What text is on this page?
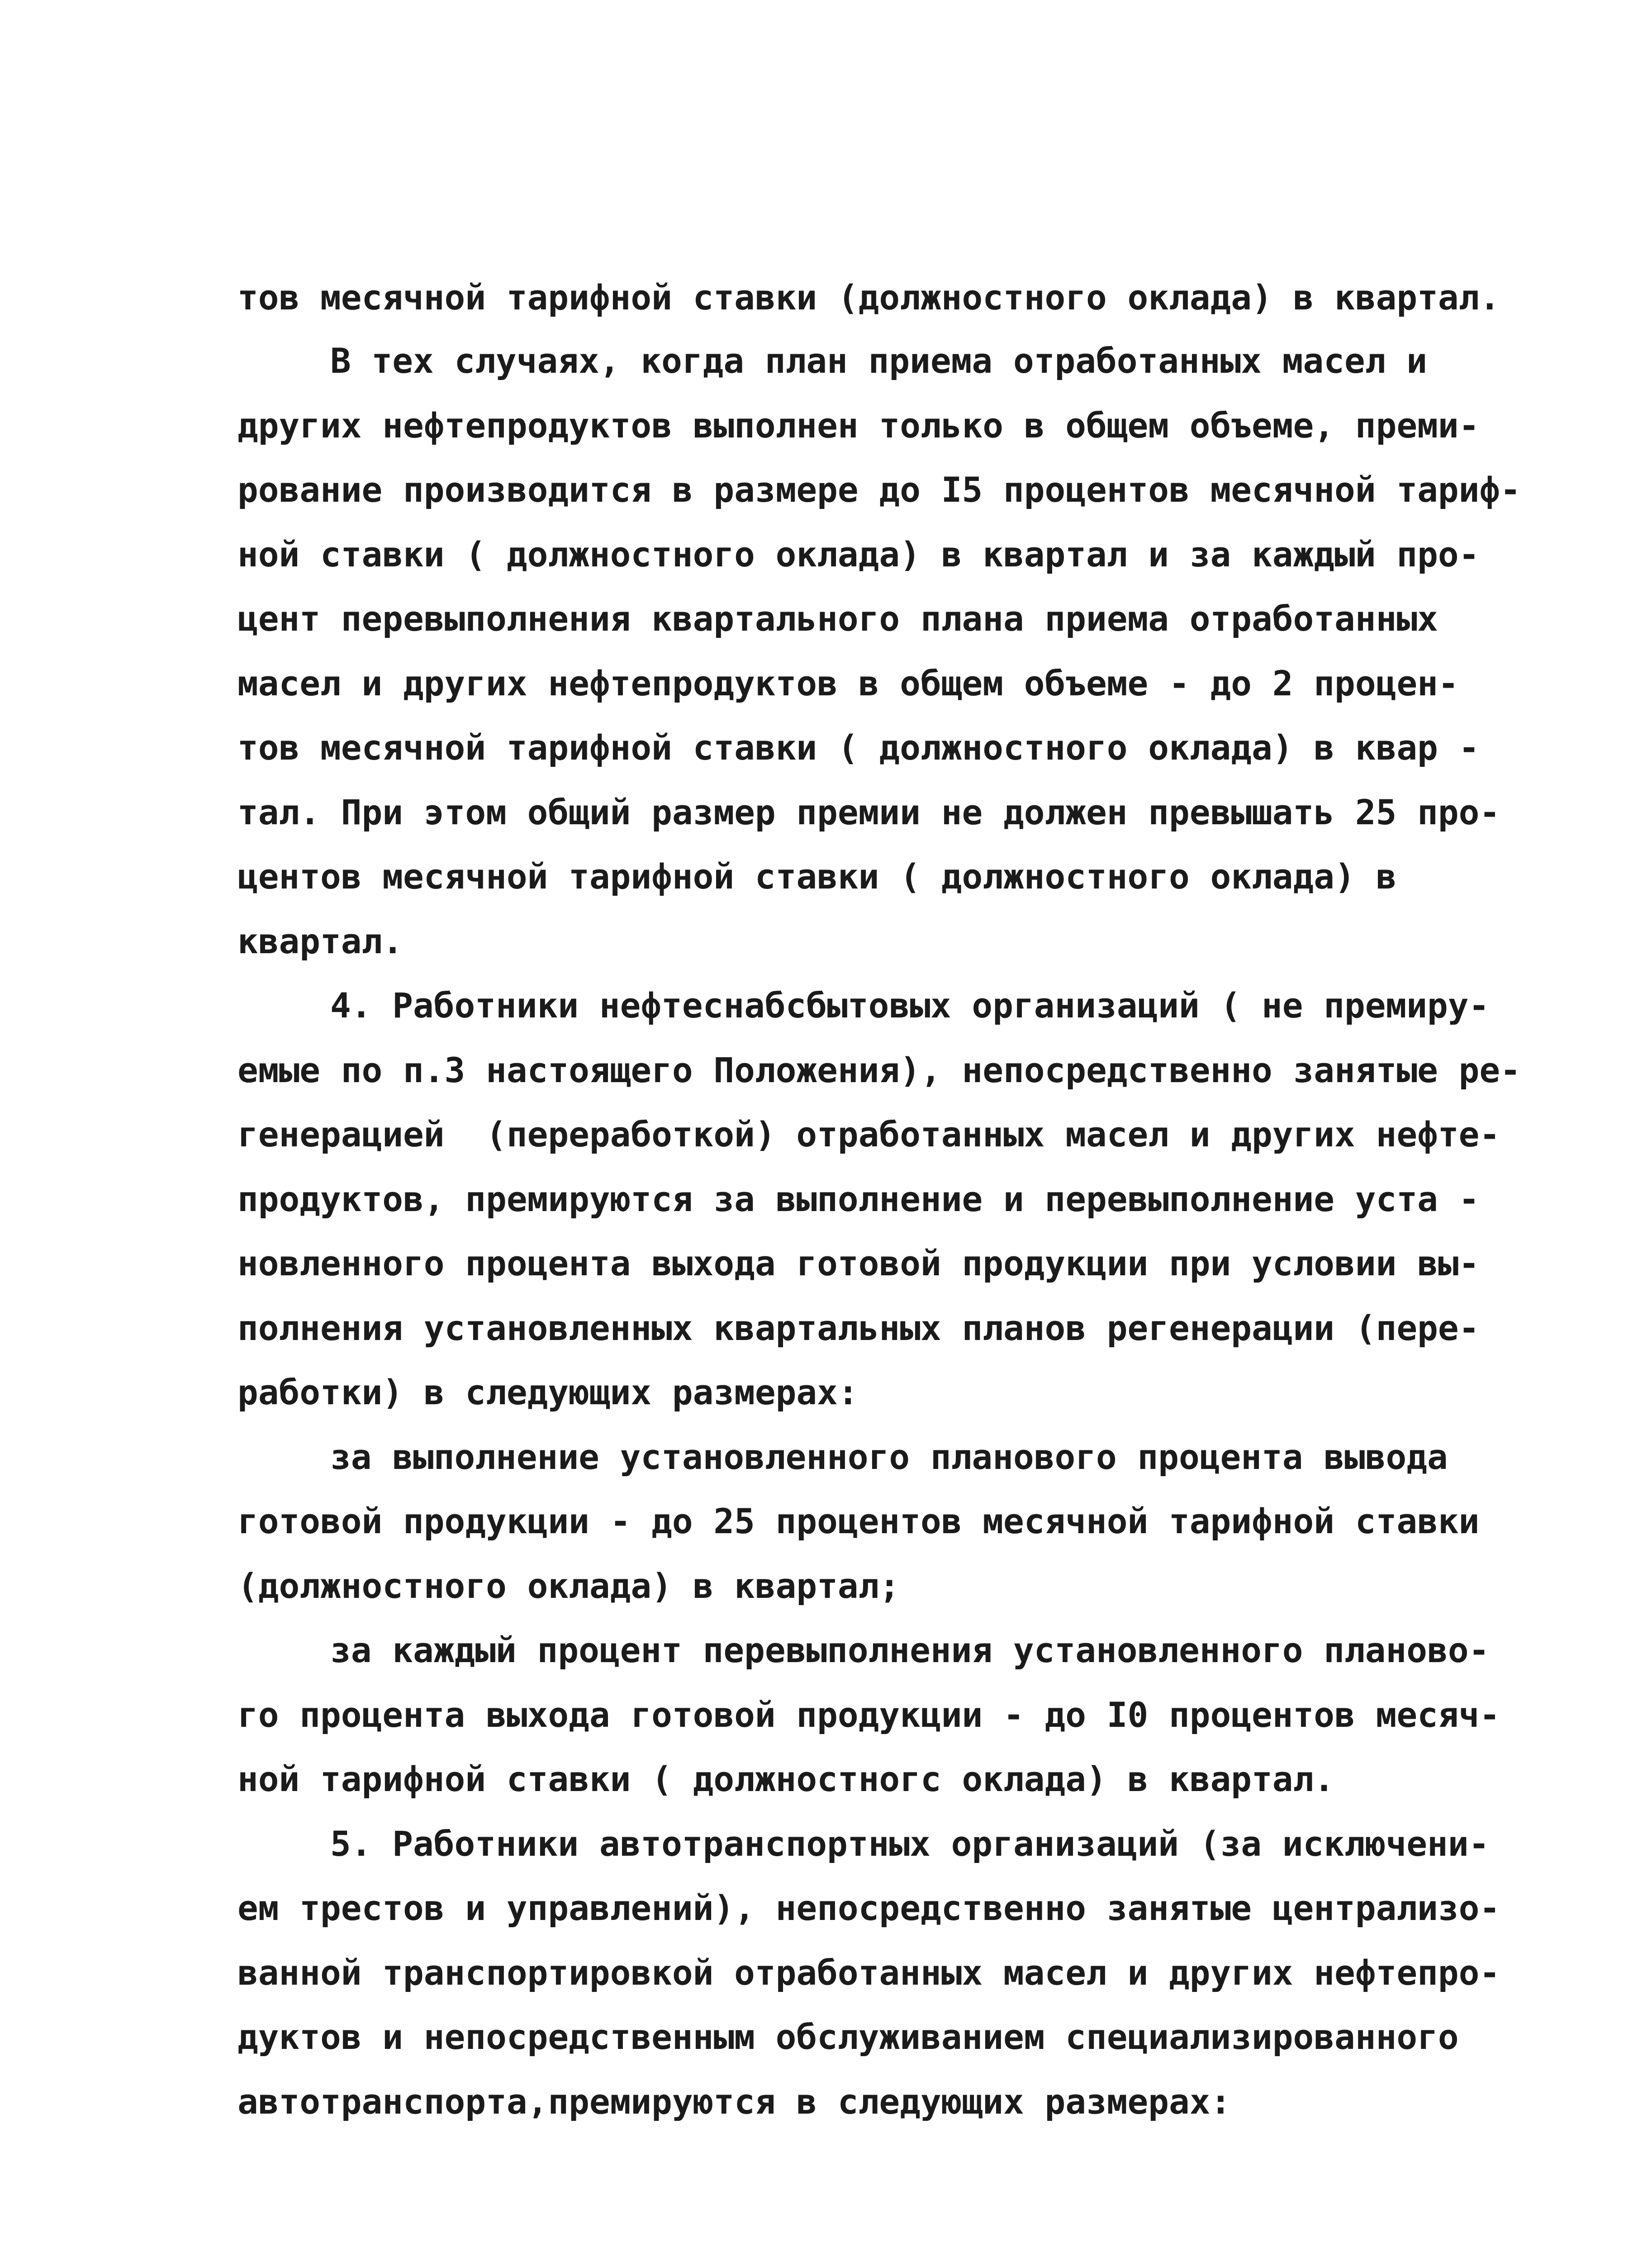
тов месячной тарифной ставки (должностного оклада) в квартал.
В тех случаях, когда план приема отработанных масел и
других нефтепродуктов выполнен только в общем объеме, преми-
рование производится в размере до I5 процентов месячной тариф-
ной ставки ( должностного оклада) в квартал и за каждый про-
цент перевыполнения квартального плана приема отработанных
масел и других нефтепродуктов в общем объеме - до 2 процен-
тов месячной тарифной ставки ( должностного оклада) в квар -
тал. При этом общий размер премии не должен превышать 25 про-
центов месячной тарифной ставки ( должностного оклада) в
квартал.
4. Работники нефтеснабсбытовых организаций ( не премиру-
емые по п.3 настоящего Положения), непосредственно занятые ре-
генерацией  (переработкой) отработанных масел и других нефте-
продуктов, премируются за выполнение и перевыполнение уста -
новленного процента выхода готовой продукции при условии вы-
полнения установленных квартальных планов регенерации (пере-
работки) в следующих размерах:
за выполнение установленного планового процента вывода
готовой продукции - до 25 процентов месячной тарифной ставки
(должностного оклада) в квартал;
за каждый процент перевыполнения установленного планово-
го процента выхода готовой продукции - до I0 процентов месяч-
ной тарифной ставки ( должностногс оклада) в квартал.
5. Работники автотранспортных организаций (за исключени-
ем трестов и управлений), непосредственно занятые централизо-
ванной транспортировкой отработанных масел и других нефтепро-
дуктов и непосредственным обслуживанием специализированного
автотранспорта,премируются в следующих размерах:
